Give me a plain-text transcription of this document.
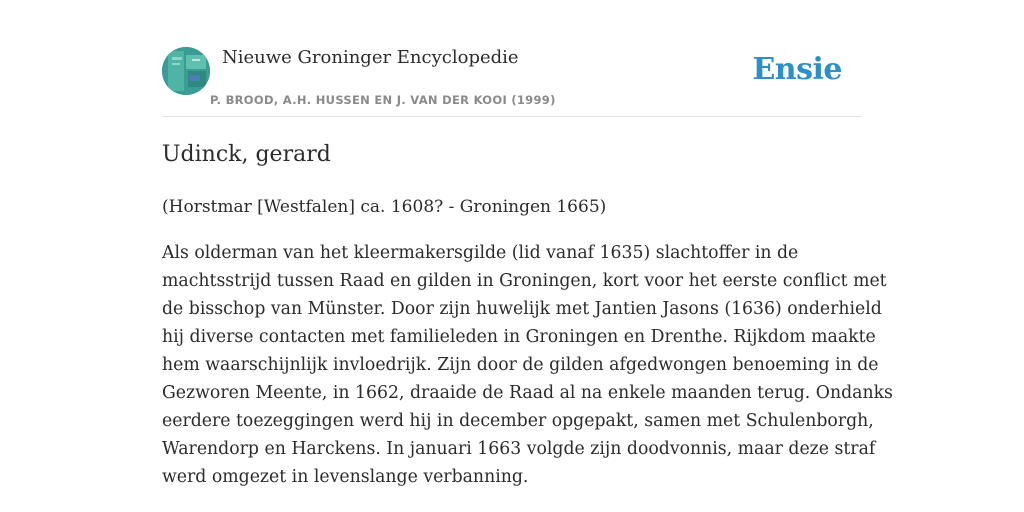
Nieuwe Groninger Encyclopedie
P. BROOD, A.H. HUSSEN EN J. VAN DER KOOI (1999)
Ensie
Udinck, gerard

(Horstmar [Westfalen] ca. 1608? - Groningen 1665)

Als olderman van het kleermakersgilde (lid vanaf 1635) slachtoffer in de
machtsstrijd tussen Raad en gilden in Groningen, kort voor het eerste conflict met
de bisschop van Münster. Door zijn huwelijk met Jantien Jasons (1636) onderhield
hij diverse contacten met familieleden in Groningen en Drenthe. Rijkdom maakte
hem waarschijnlijk invloedrijk. Zijn door de gilden afgedwongen benoeming in de
Gezworen Meente, in 1662, draaide de Raad al na enkele maanden terug. Ondanks
eerdere toezeggingen werd hij in december opgepakt, samen met Schulenborgh,
Warendorp en Harckens. In januari 1663 volgde zijn doodvonnis, maar deze straf
werd omgezet in levenslange verbanning.
